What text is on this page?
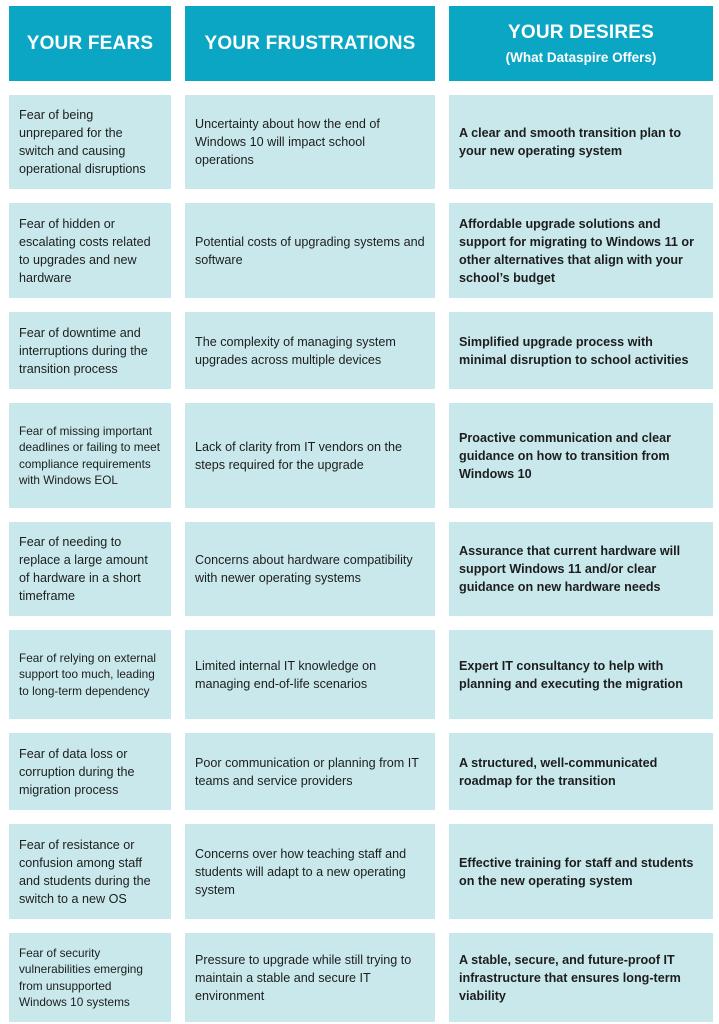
YOUR FEARS	YOUR FRUSTRATIONS	YOUR DESIRES
(What Dataspire Offers)
Fear of being unprepared for the switch and causing operational disruptions
Uncertainty about how the end of Windows 10 will impact school operations
A clear and smooth transition plan to your new operating system
Fear of hidden or escalating costs related to upgrades and new hardware
Potential costs of upgrading systems and software
Affordable upgrade solutions and support for migrating to Windows 11 or other alternatives that align with your school’s budget
Fear of downtime and interruptions during the transition process
The complexity of managing system upgrades across multiple devices
Simplified upgrade process with minimal disruption to school activities
Fear of missing important deadlines or failing to meet compliance requirements with Windows EOL
Lack of clarity from IT vendors on the steps required for the upgrade
Proactive communication and clear guidance on how to transition from Windows 10
Fear of needing to replace a large amount of hardware in a short timeframe
Concerns about hardware compatibility with newer operating systems
Assurance that current hardware will support Windows 11 and/or clear guidance on new hardware needs
Fear of relying on external support too much, leading to long-term dependency
Limited internal IT knowledge on managing end-of-life scenarios
Expert IT consultancy to help with planning and executing the migration
Fear of data loss or corruption during the migration process
Poor communication or planning from IT teams and service providers
A structured, well-communicated roadmap for the transition
Fear of resistance or confusion among staff and students during the switch to a new OS
Concerns over how teaching staff and students will adapt to a new operating system
Effective training for staff and students on the new operating system
Fear of security vulnerabilities emerging from unsupported Windows 10 systems
Pressure to upgrade while still trying to maintain a stable and secure IT environment
A stable, secure, and future-proof IT infrastructure that ensures long-term viability
